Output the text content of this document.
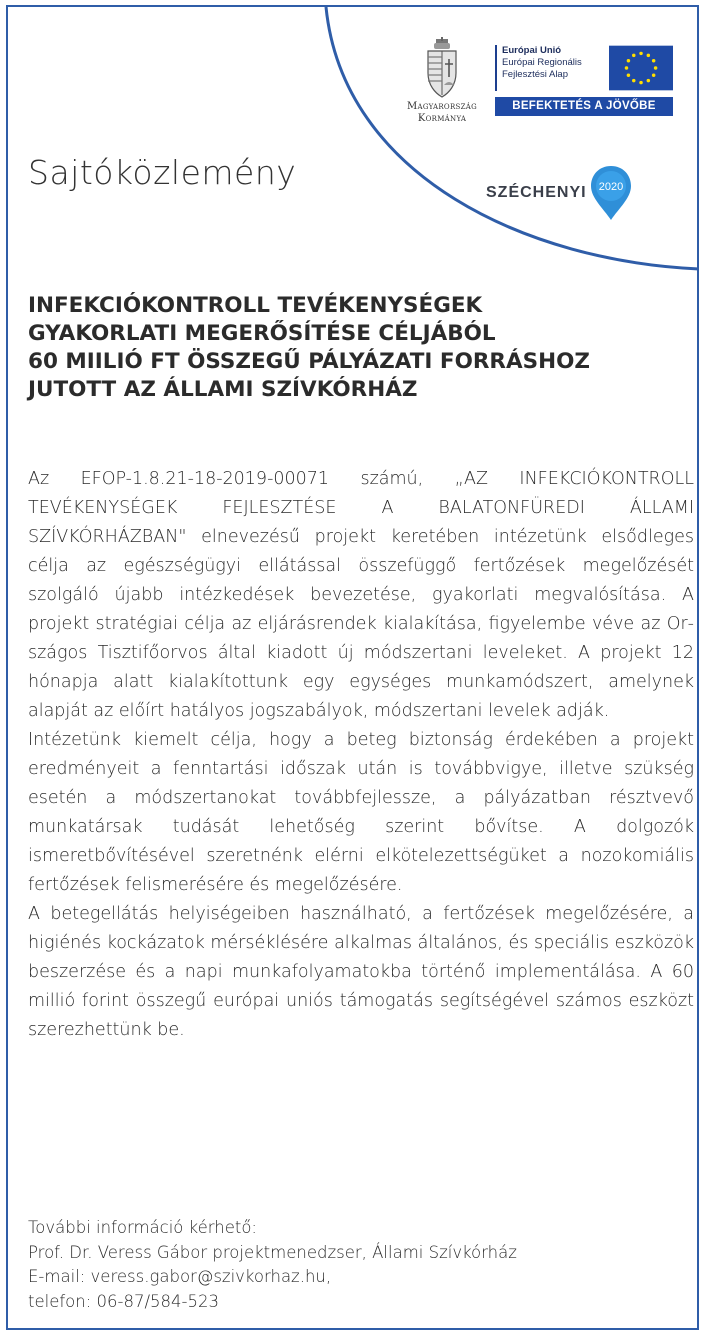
Magyarország
Kormánya
Európai Unió
Európai Regionális
Fejlesztési Alap
BEFEKTETÉS A JÖVŐBE
SZÉCHENYI 2020
Sajtóközlemény
INFEKCIÓKONTROLL TEVÉKENYSÉGEK
GYAKORLATI MEGERŐSÍTÉSE CÉLJÁBÓL
60 MIILIÓ FT ÖSSZEGŰ PÁLYÁZATI FORRÁSHOZ
JUTOTT AZ ÁLLAMI SZÍVKÓRHÁZ

Az EFOP-1.8.21-18-2019-00071 számú, „AZ INFEKCIÓKONTROLL TEVÉKENYSÉGEK FEJLESZTÉSE A BALATONFÜREDI ÁLLAMI SZÍVKÓRHÁZBAN" elnevezésű projekt keretében intézetünk elsődleges célja az egészségügyi ellátással összefüggő fertőzések megelőzését szolgáló újabb intézkedések bevezetése, gyakorlati megvalósítása. A projekt stratégiai célja az eljárásrendek kialakítása, figyelembe véve az Országos Tisztifőorvos által kiadott új módszertani leveleket. A projekt 12 hónapja alatt kialakítottunk egy egységes munkamódszert, amelynek alapját az előírt hatályos jogszabályok, módszertani levelek adják.

Intézetünk kiemelt célja, hogy a beteg biztonság érdekében a projekt eredményeit a fenntartási időszak után is továbbvigye, illetve szükség esetén a módszertanokat továbbfejlessze, a pályázatban résztvevő munkatársak tudását lehetőség szerint bővítse. A dolgozók ismeretbővítésével szeretnénk elérni elkötelezettségüket a nozokomiális fertőzések felismerésére és megelőzésére.

A betegellátás helyiségeiben használható, a fertőzések megelőzésére, a higiénés kockázatok mérséklésére alkalmas általános, és speciális eszközök beszerzése és a napi munkafolyamatokba történő implementálása. A 60 millió forint összegű európai uniós támogatás segítségével számos eszközt szerezhettünk be.

További információ kérhető:
Prof. Dr. Veress Gábor projektmenedzser, Állami Szívkórház
E-mail: veress.gabor@szivkorhaz.hu,
telefon: 06-87/584-523
